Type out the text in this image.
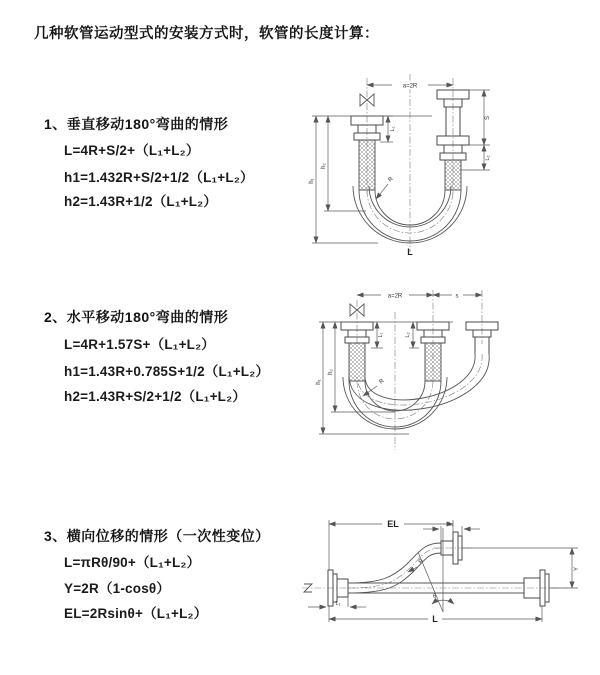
几种软管运动型式的安装方式时，软管的长度计算：
1、垂直移动180°弯曲的情形
L=4R+S/2+（L₁+L₂）
h1=1.432R+S/2+1/2（L₁+L₂）
h2=1.43R+1/2（L₁+L₂）
2、水平移动180°弯曲的情形
L=4R+1.57S+（L₁+L₂）
h1=1.43R+0.785S+1/2（L₁+L₂）
h2=1.43R+S/2+1/2（L₁+L₂）
3、横向位移的情形（一次性变位）
L=πRθ/90+（L₁+L₂）
Y=2R（1-cosθ）
EL=2Rsinθ+（L₁+L₂）
a=2R
R
h₁
h₂
L₁
S
L₂
L
a=2R	s
R
h₁
h₂
L₁	L₂
θ
R
EL	L₂
Y
L
L₁
